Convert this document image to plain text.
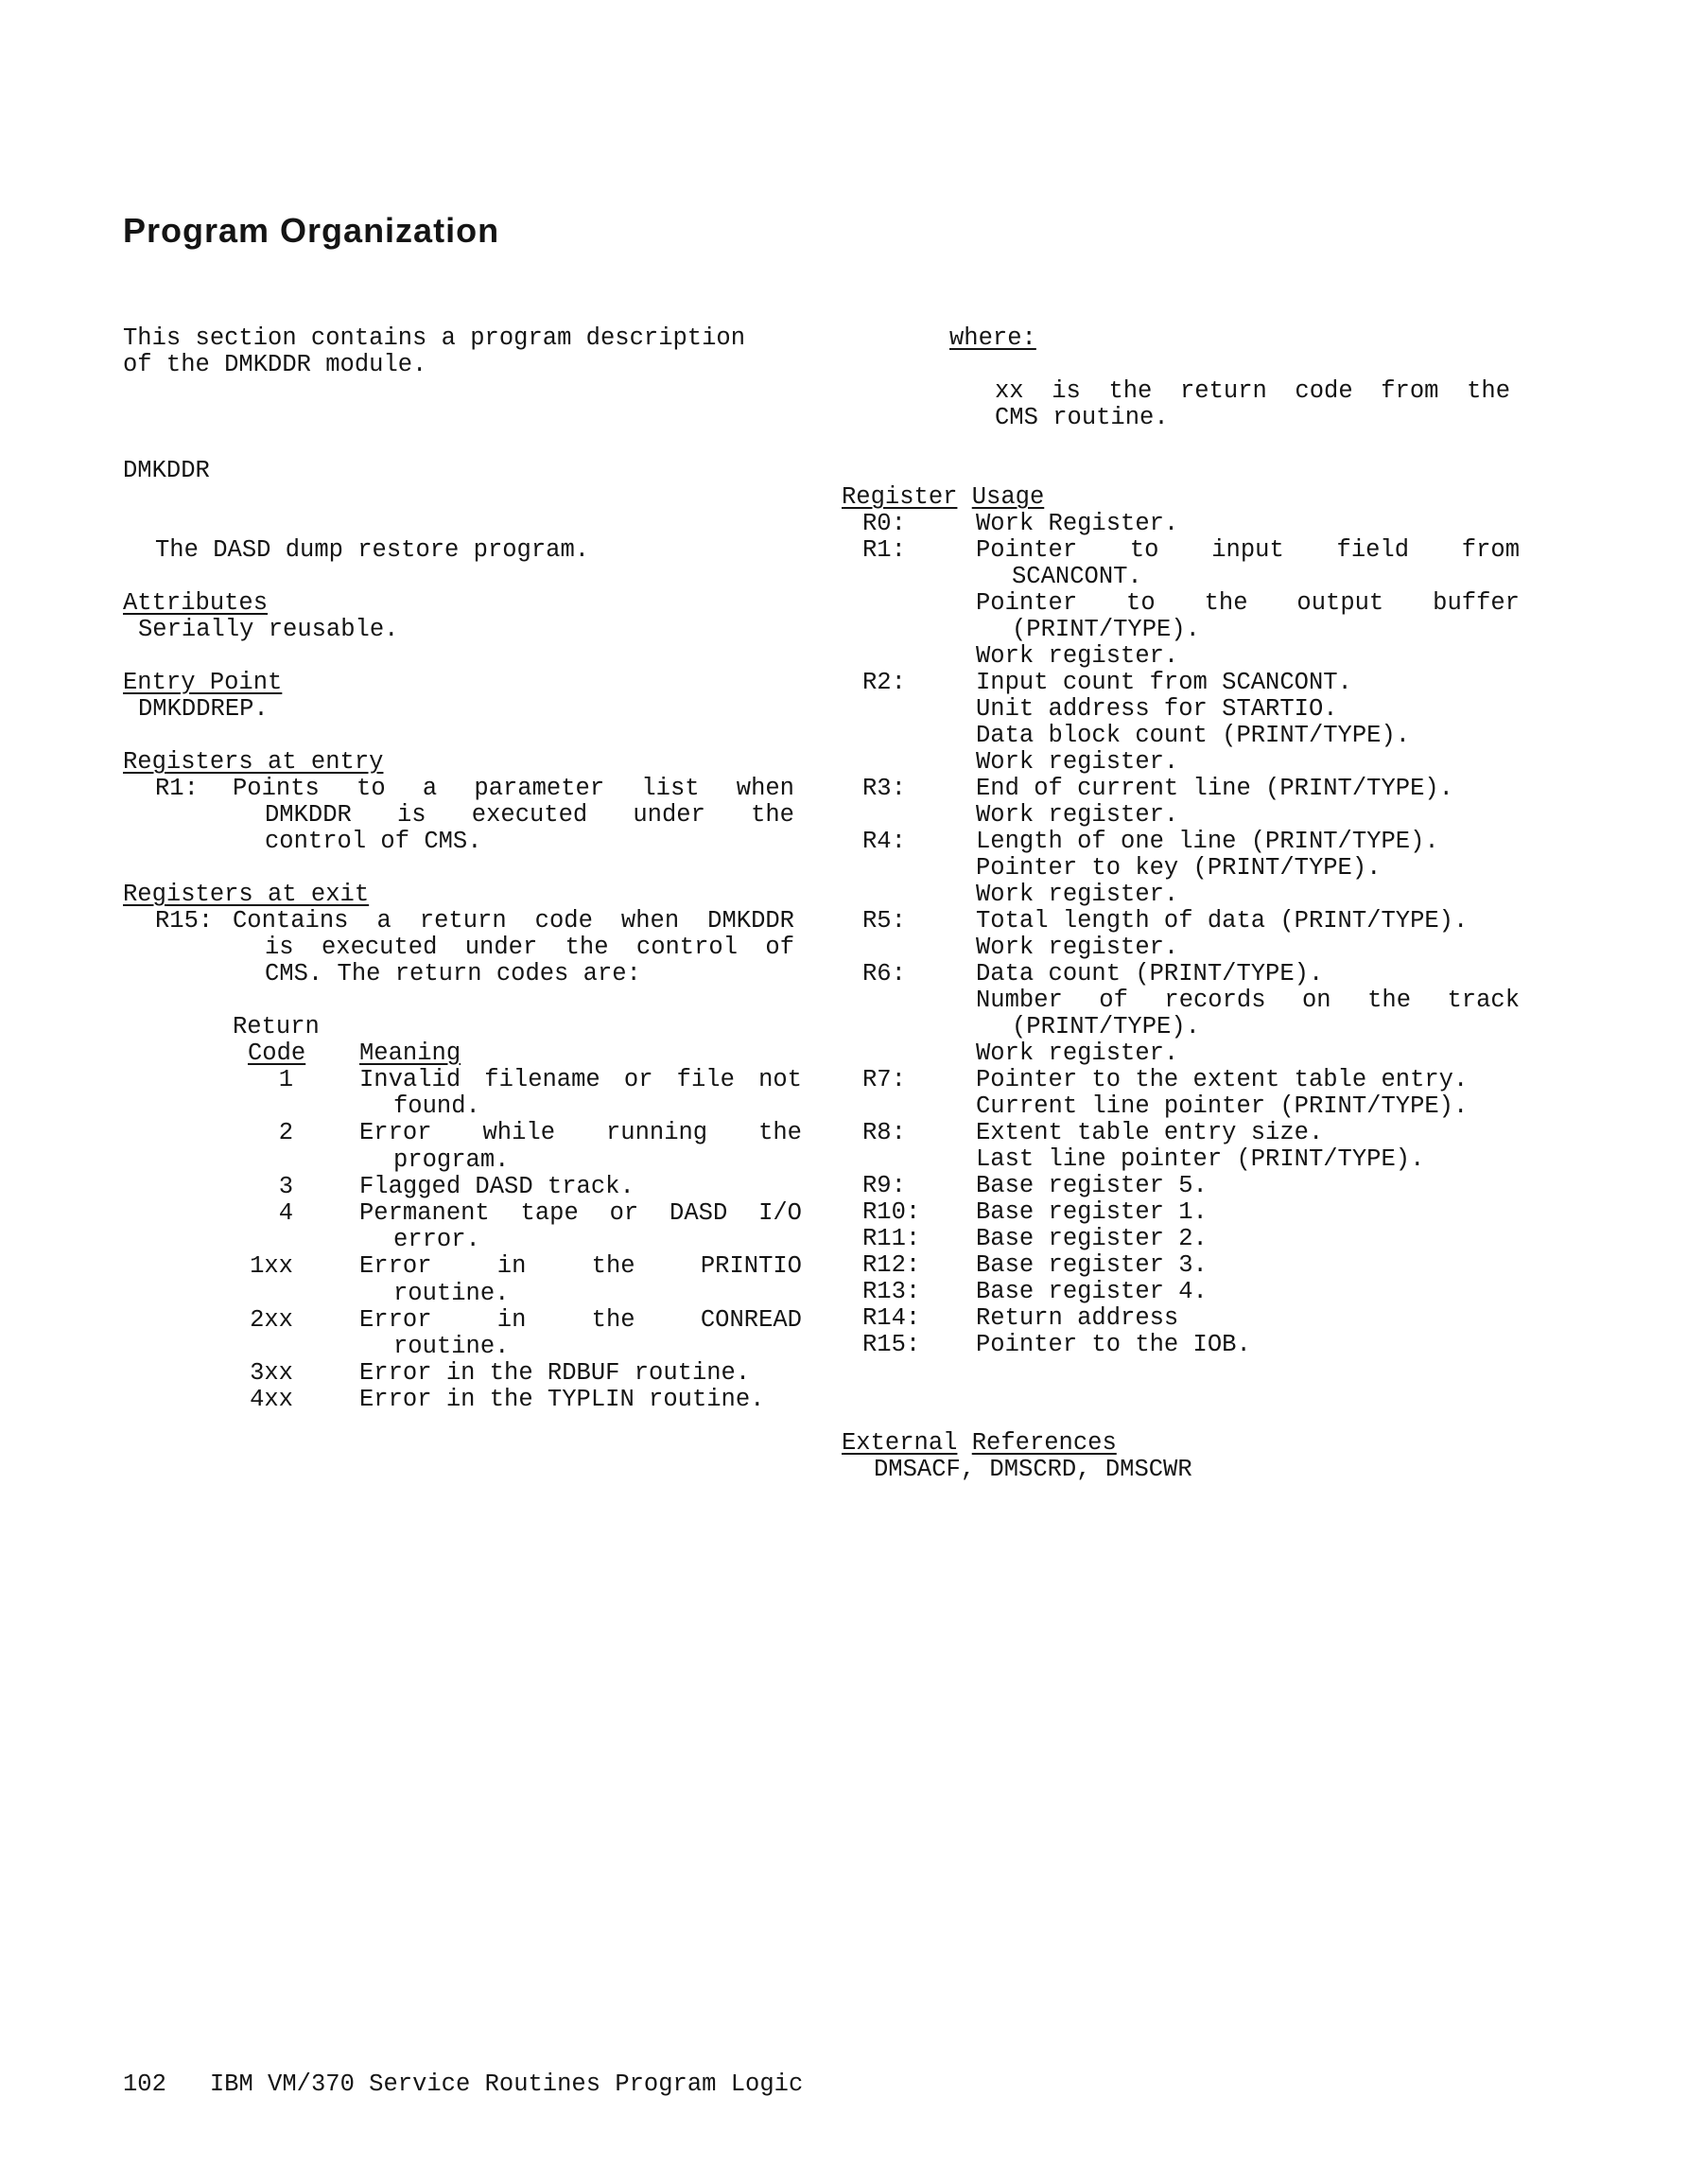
Program Organization
This section contains a program description
of the DMKDDR module.
DMKDDR
The DASD dump restore program.
Attributes
Serially reusable.
Entry Point
DMKDDREP.
Registers at entry
R1: Points to a parameter list when
DMKDDR is executed under the
control of CMS.
Registers at exit
R15: Contains a return code when DMKDDR
is executed under the control of
CMS. The return codes are:
Return
Code Meaning
1	Invalid filename or file not
found.
2	Error while running the
program.
3	Flagged DASD track.
4	Permanent tape or DASD I/O
error.
1xx	Error in the PRINTIO
routine.
2xx	Error in the CONREAD
routine.
3xx	Error in the RDBUF routine.
4xx	Error in the TYPLIN routine.
where:
xx is the return code from the
CMS routine.
Register Usage
R0:	Work Register.
R1:	Pointer to input field from
SCANCONT.
Pointer to the output buffer
(PRINT/TYPE).
Work register.
R2:	Input count from SCANCONT.
Unit address for STARTIO.
Data block count (PRINT/TYPE).
Work register.
R3:	End of current line (PRINT/TYPE).
Work register.
R4:	Length of one line (PRINT/TYPE).
Pointer to key (PRINT/TYPE).
Work register.
R5:	Total length of data (PRINT/TYPE).
Work register.
R6:	Data count (PRINT/TYPE).
Number of records on the track
(PRINT/TYPE).
Work register.
R7:	Pointer to the extent table entry.
Current line pointer (PRINT/TYPE).
R8:	Extent table entry size.
Last line pointer (PRINT/TYPE).
R9:	Base register 5.
R10:	Base register 1.
R11:	Base register 2.
R12:	Base register 3.
R13:	Base register 4.
R14:	Return address
R15:	Pointer to the IOB.
External References
DMSACF, DMSCRD, DMSCWR
102 IBM VM/370 Service Routines Program Logic
